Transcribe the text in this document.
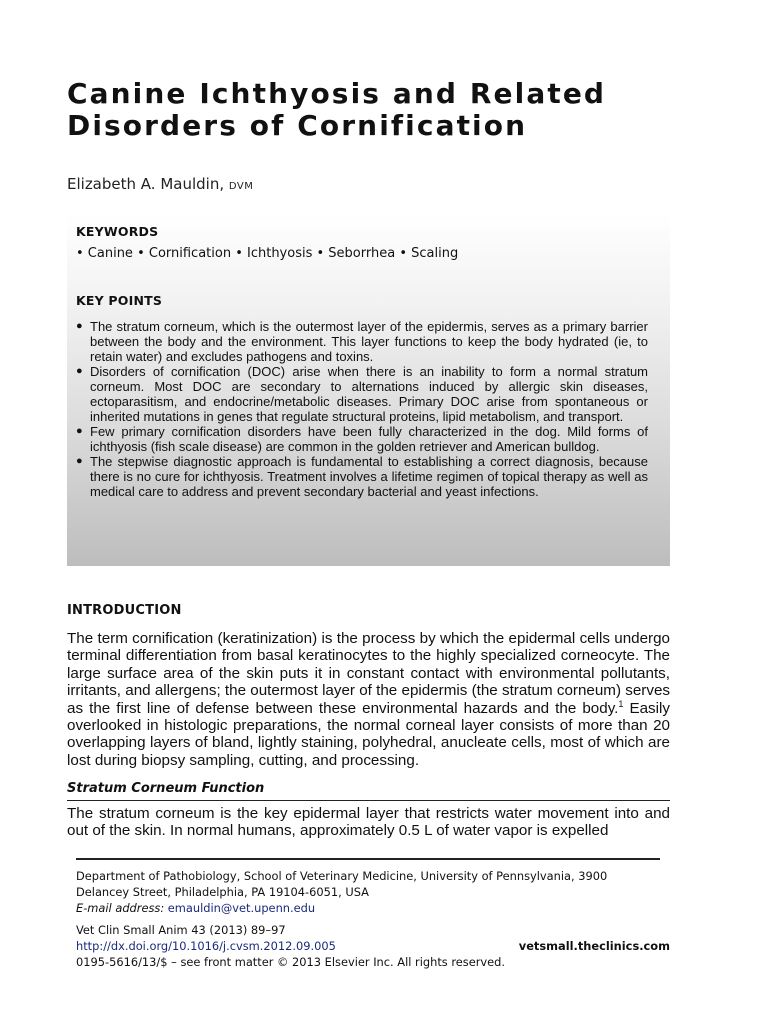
Canine Ichthyosis and Related Disorders of Cornification
Elizabeth A. Mauldin, DVM
KEYWORDS
• Canine • Cornification • Ichthyosis • Seborrhea • Scaling
KEY POINTS
● The stratum corneum, which is the outermost layer of the epidermis, serves as a primary barrier between the body and the environment. This layer functions to keep the body hydrated (ie, to retain water) and excludes pathogens and toxins.
● Disorders of cornification (DOC) arise when there is an inability to form a normal stratum corneum. Most DOC are secondary to alternations induced by allergic skin diseases, ectoparasitism, and endocrine/metabolic diseases. Primary DOC arise from spontaneous or inherited mutations in genes that regulate structural proteins, lipid metabolism, and transport.
● Few primary cornification disorders have been fully characterized in the dog. Mild forms of ichthyosis (fish scale disease) are common in the golden retriever and American bulldog.
● The stepwise diagnostic approach is fundamental to establishing a correct diagnosis, because there is no cure for ichthyosis. Treatment involves a lifetime regimen of topical therapy as well as medical care to address and prevent secondary bacterial and yeast infections.
INTRODUCTION

The term cornification (keratinization) is the process by which the epidermal cells undergo terminal differentiation from basal keratinocytes to the highly specialized corneocyte. The large surface area of the skin puts it in constant contact with environmental pollutants, irritants, and allergens; the outermost layer of the epidermis (the stratum corneum) serves as the first line of defense between these environmental hazards and the body.$^1$ Easily overlooked in histologic preparations, the normal corneal layer consists of more than 20 overlapping layers of bland, lightly staining, polyhedral, anucleate cells, most of which are lost during biopsy sampling, cutting, and processing.

Stratum Corneum Function

The stratum corneum is the key epidermal layer that restricts water movement into and out of the skin. In normal humans, approximately 0.5 L of water vapor is expelled

Department of Pathobiology, School of Veterinary Medicine, University of Pennsylvania, 3900
Delancey Street, Philadelphia, PA 19104-6051, USA
E-mail address: emauldin@vet.upenn.edu
Vet Clin Small Anim 43 (2013) 89–97
http://dx.doi.org/10.1016/j.cvsm.2012.09.005	vetsmall.theclinics.com
0195-5616/13/$ – see front matter © 2013 Elsevier Inc. All rights reserved.
